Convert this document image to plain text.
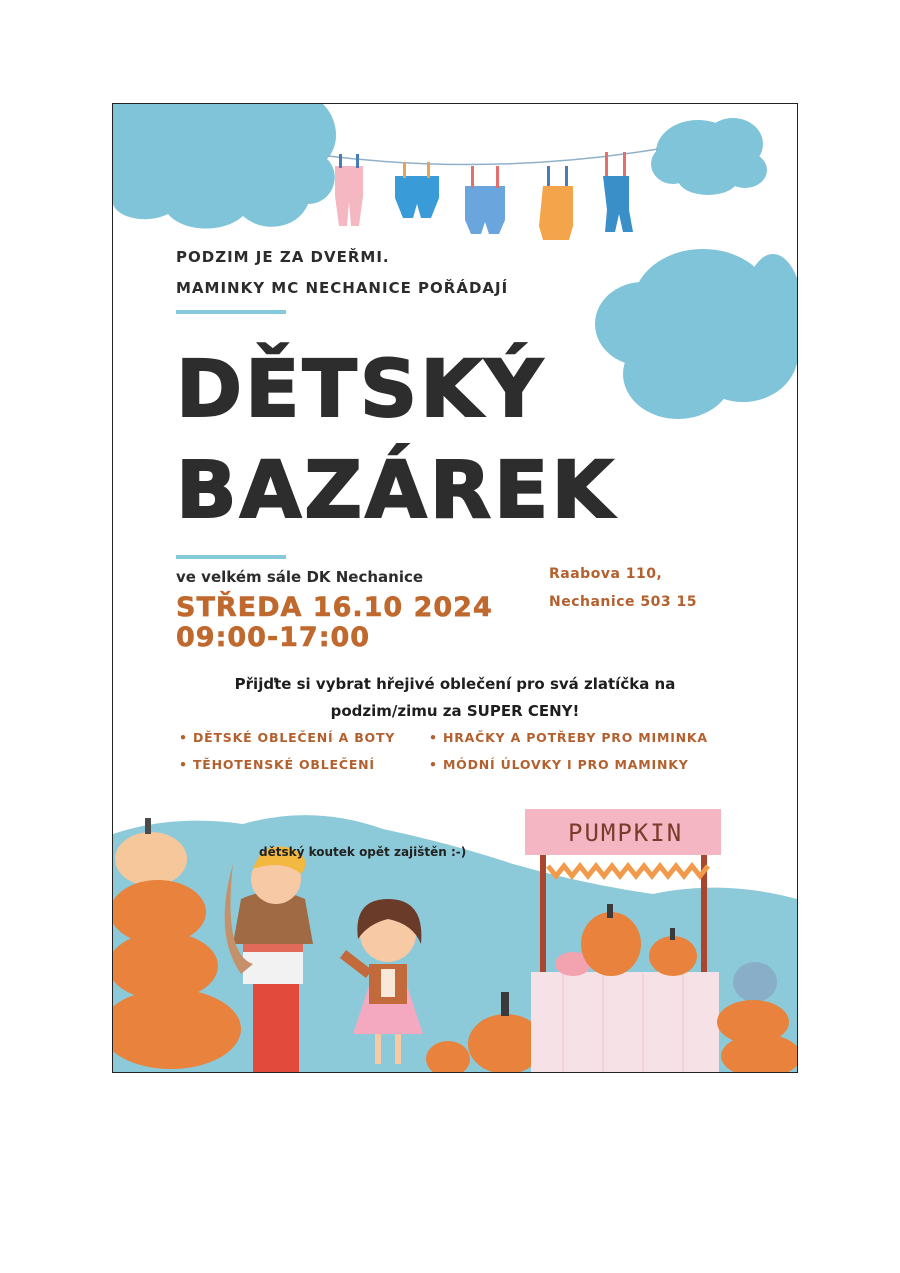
PODZIM JE ZA DVEŘMI.
MAMINKY MC NECHANICE POŘÁDAJÍ
DĚTSKÝ
BAZÁREK
ve velkém sále DK Nechanice
STŘEDA 16.10 2024
09:00-17:00
Raabova 110,
Nechanice 503 15
Přijďte si vybrat hřejivé oblečení pro svá zlatíčka na
podzim/zimu za SUPER CENY!
• DĚTSKÉ OBLEČENÍ A BOTY	• HRAČKY A POTŘEBY PRO MIMINKA
• TĚHOTENSKÉ OBLEČENÍ	• MÓDNÍ ÚLOVKY I PRO MAMINKY
PUMPKIN
dětský koutek opět zajištěn :-)
